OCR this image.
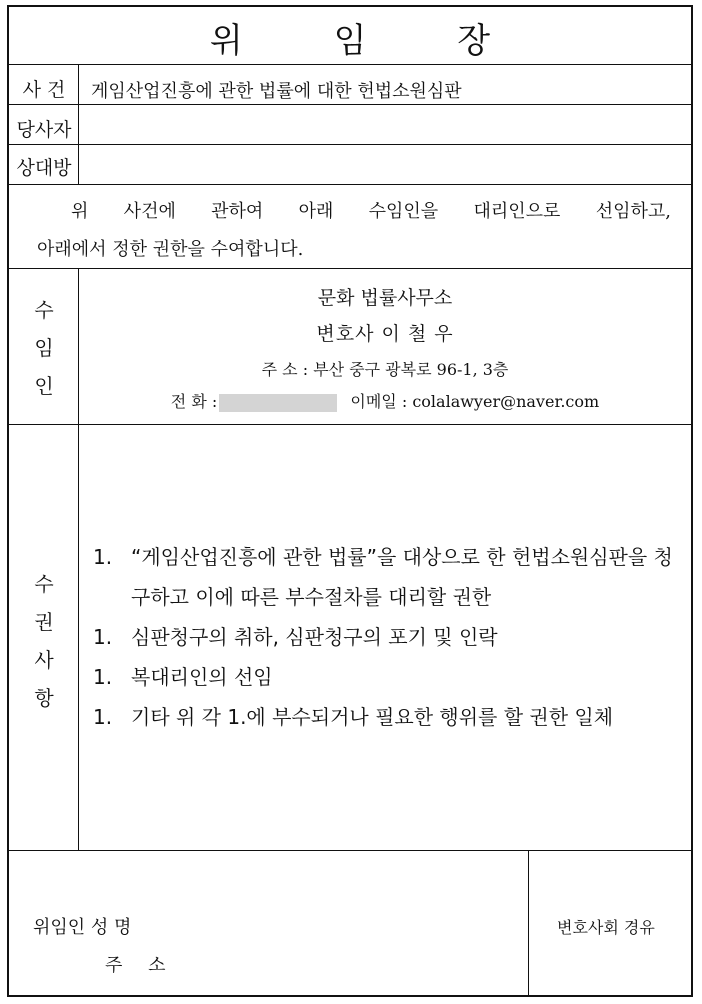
위 임 장
사 건	게임산업진흥에 관한 법률에 대한 헌법소원심판
당사자
상대방
위 사건에 관하여 아래 수임인을 대리인으로 선임하고,
아래에서 정한 권한을 수여합니다.
수
임
인
문화 법률사무소
변호사 이 철 우
주 소 : 부산 중구 광복로 96-1, 3층
전 화 :	이메일 : colalawyer@naver.com
수
권
사
항
1. “게임산업진흥에 관한 법률”을 대상으로 한 헌법소원심판을 청구하고 이에 따른 부수절차를 대리할 권한
1. 심판청구의 취하, 심판청구의 포기 및 인락
1. 복대리인의 선임
1. 기타 위 각 1.에 부수되거나 필요한 행위를 할 권한 일체
위임인 성 명
주 소
변호사회 경유
